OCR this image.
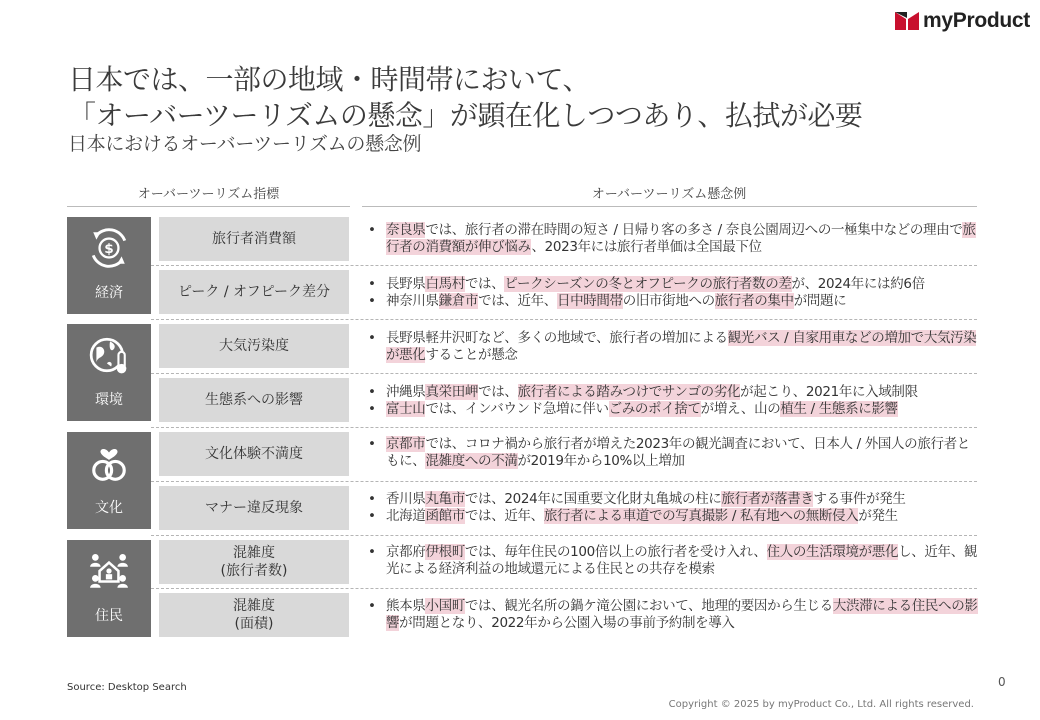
myProduct
日本では、一部の地域・時間帯において、
「オーバーツーリズムの懸念」が顕在化しつつあり、払拭が必要
日本におけるオーバーツーリズムの懸念例
オーバーツーリズム指標	オーバーツーリズム懸念例
$
経済
環境
文化
住民
旅行者消費額
ピーク / オフピーク差分
大気汚染度
生態系への影響
文化体験不満度
マナー違反現象
混雑度
(旅行者数)
混雑度
(面積)
• 奈良県では、旅行者の滞在時間の短さ / 日帰り客の多さ / 奈良公園周辺への一極集中などの理由で旅行者の消費額が伸び悩み、2023年には旅行者単価は全国最下位
• 長野県白馬村では、ピークシーズンの冬とオフピークの旅行者数の差が、2024年には約6倍
• 神奈川県鎌倉市では、近年、日中時間帯の旧市街地への旅行者の集中が問題に
• 長野県軽井沢町など、多くの地域で、旅行者の増加による観光バス / 自家用車などの増加で大気汚染が悪化することが懸念
• 沖縄県真栄田岬では、旅行者による踏みつけでサンゴの劣化が起こり、2021年に入域制限
• 富士山では、インバウンド急増に伴いごみのポイ捨てが増え、山の植生 / 生態系に影響
• 京都市では、コロナ禍から旅行者が増えた2023年の観光調査において、日本人 / 外国人の旅行者ともに、混雑度への不満が2019年から10%以上増加
• 香川県丸亀市では、2024年に国重要文化財丸亀城の柱に旅行者が落書きする事件が発生
• 北海道函館市では、近年、旅行者による車道での写真撮影 / 私有地への無断侵入が発生
• 京都府伊根町では、毎年住民の100倍以上の旅行者を受け入れ、住人の生活環境が悪化し、近年、観光による経済利益の地域還元による住民との共存を模索
• 熊本県小国町では、観光名所の鍋ケ滝公園において、地理的要因から生じる大渋滞による住民への影響が問題となり、2022年から公園入場の事前予約制を導入
Source: Desktop Search	0
Copyright © 2025 by myProduct Co., Ltd. All rights reserved.
